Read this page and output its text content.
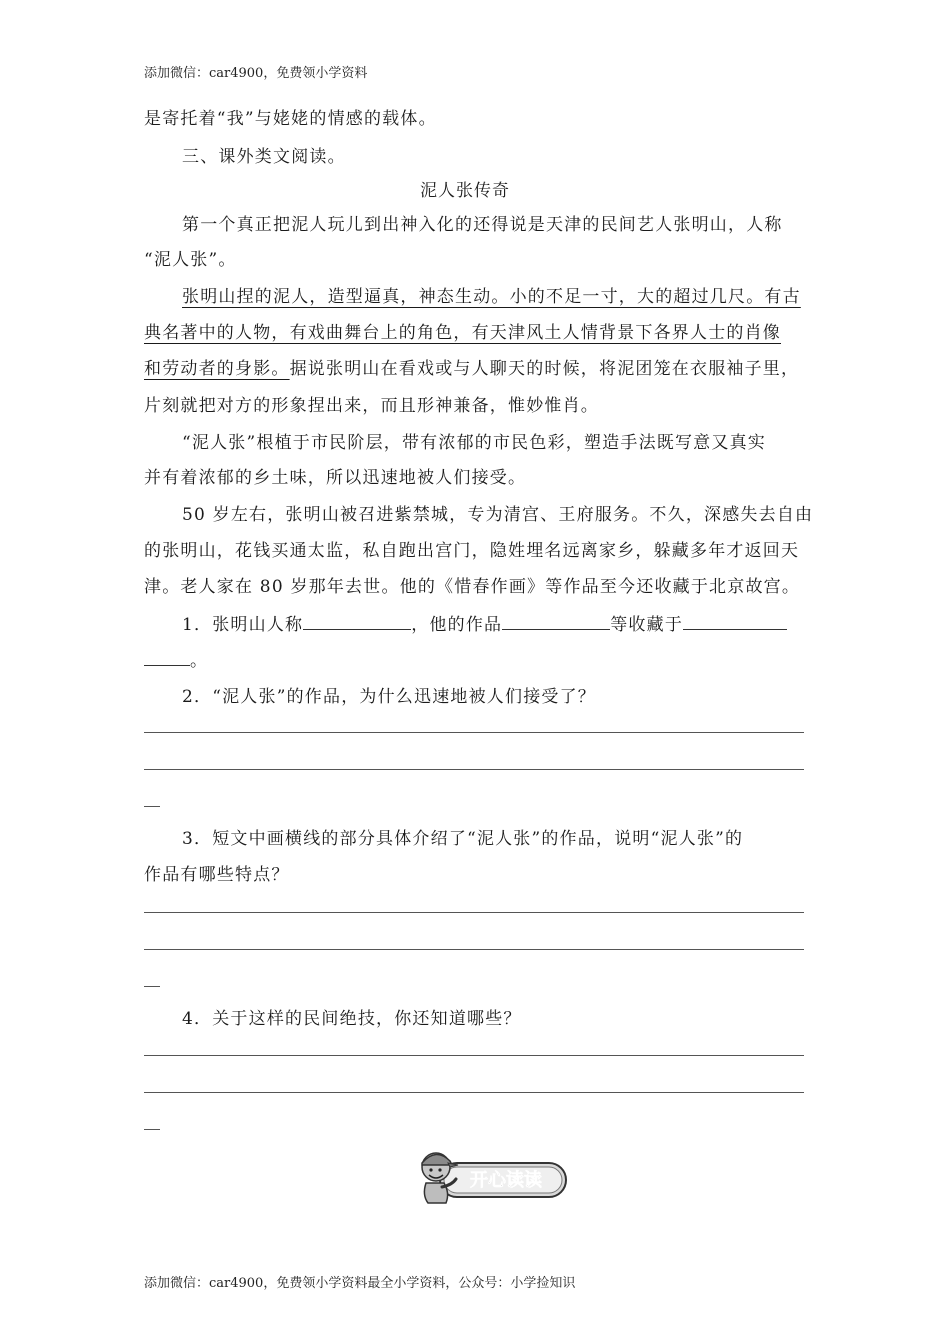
添加微信：car4900，免费领小学资料
是寄托着“我”与姥姥的情感的载体。
三、课外类文阅读。
泥人张传奇
第一个真正把泥人玩儿到出神入化的还得说是天津的民间艺人张明山，人称
“泥人张”。
张明山捏的泥人，造型逼真，神态生动。小的不足一寸，大的超过几尺。有古
典名著中的人物，有戏曲舞台上的角色，有天津风土人情背景下各界人士的肖像
和劳动者的身影。据说张明山在看戏或与人聊天的时候，将泥团笼在衣服袖子里，
片刻就把对方的形象捏出来，而且形神兼备，惟妙惟肖。
“泥人张”根植于市民阶层，带有浓郁的市民色彩，塑造手法既写意又真实
并有着浓郁的乡土味，所以迅速地被人们接受。
50 岁左右，张明山被召进紫禁城，专为清宫、王府服务。不久，深感失去自由
的张明山，花钱买通太监，私自跑出宫门，隐姓埋名远离家乡，躲藏多年才返回天
津。老人家在 80 岁那年去世。他的《惜春作画》等作品至今还收藏于北京故宫。
1．张明山人称	，他的作品	等收藏于
。
2．“泥人张”的作品，为什么迅速地被人们接受了？
3．短文中画横线的部分具体介绍了“泥人张”的作品，说明“泥人张”的
作品有哪些特点？
4．关于这样的民间绝技，你还知道哪些？
开心读读
添加微信：car4900，免费领小学资料最全小学资料，公众号：小学捡知识
